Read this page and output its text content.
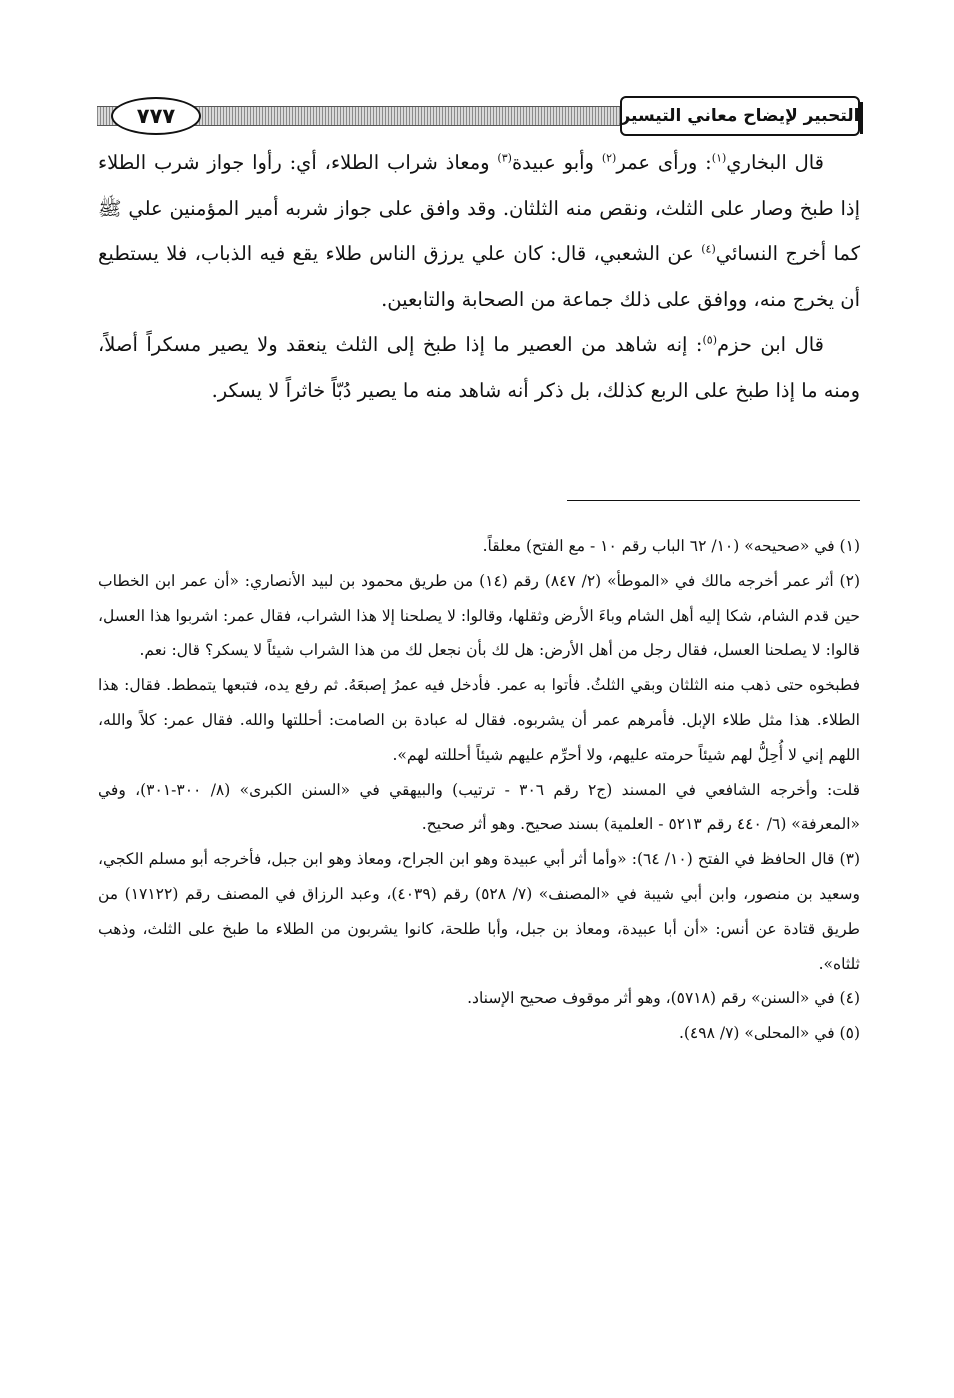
٧٧٧	التحبير لإيضاح معاني التيسير

قال البخاري$^{(١)}$: ورأى عمر$^{(٢)}$ وأبو عبيدة$^{(٣)}$ ومعاذ شراب الطلاء، أي: رأوا جواز شرب الطلاء إذا طبخ وصار على الثلث، ونقص منه الثلثان. وقد وافق على جواز شربه أمير المؤمنين علي ﷺ كما أخرج النسائي$^{(٤)}$ عن الشعبي، قال: كان علي يرزق الناس طلاء يقع فيه الذباب، فلا يستطيع أن يخرج منه، ووافق على ذلك جماعة من الصحابة والتابعين.

قال ابن حزم$^{(٥)}$: إنه شاهد من العصير ما إذا طبخ إلى الثلث ينعقد ولا يصير مسكراً أصلاً، ومنه ما إذا طبخ على الربع كذلك، بل ذكر أنه شاهد منه ما يصير دُبّاً خاثراً لا يسكر.

(١) في «صحيحه» (١٠/ ٦٢ الباب رقم ١٠ - مع الفتح) معلقاً.

(٢) أثر عمر أخرجه مالك في «الموطأ» (٢/ ٨٤٧) رقم (١٤) من طريق محمود بن لبيد الأنصاري: «أن عمر ابن الخطاب حين قدم الشام، شكا إليه أهل الشام وباءَ الأرض وثقلها، وقالوا: لا يصلحنا إلا هذا الشراب، فقال عمر: اشربوا هذا العسل، قالوا: لا يصلحنا العسل، فقال رجل من أهل الأرض: هل لك بأن نجعل لك من هذا الشراب شيئاً لا يسكر؟ قال: نعم.

فطبخوه حتى ذهب منه الثلثان وبقي الثلثُ. فأتوا به عمر. فأدخل فيه عمرُ إصبعَهُ. ثم رفع يده، فتبعها يتمطط. فقال: هذا الطلاء. هذا مثل طلاء الإبل. فأمرهم عمر أن يشربوه. فقال له عبادة بن الصامت: أحللتها والله. فقال عمر: كلاً والله، اللهم إني لا أُحِلُّ لهم شيئاً حرمته عليهم، ولا أحرِّم عليهم شيئاً أحللته لهم».

قلت: وأخرجه الشافعي في المسند (ج٢ رقم ٣٠٦ - ترتيب) والبيهقي في «السنن الكبرى» (٨/ ٣٠٠-٣٠١)، وفي «المعرفة» (٦/ ٤٤٠ رقم ٥٢١٣ - العلمية) بسند صحيح. وهو أثر صحيح.

(٣) قال الحافظ في الفتح (١٠/ ٦٤): «وأما أثر أبي عبيدة وهو ابن الجراح، ومعاذ وهو ابن جبل، فأخرجه أبو مسلم الكجي، وسعيد بن منصور، وابن أبي شيبة في «المصنف» (٧/ ٥٢٨) رقم (٤٠٣٩)، وعبد الرزاق في المصنف رقم (١٧١٢٢) من طريق قتادة عن أنس: «أن أبا عبيدة، ومعاذ بن جبل، وأبا طلحة، كانوا يشربون من الطلاء ما طبخ على الثلث، وذهب ثلثاه».

(٤) في «السنن» رقم (٥٧١٨)، وهو أثر موقوف صحيح الإسناد.

(٥) في «المحلى» (٧/ ٤٩٨).
